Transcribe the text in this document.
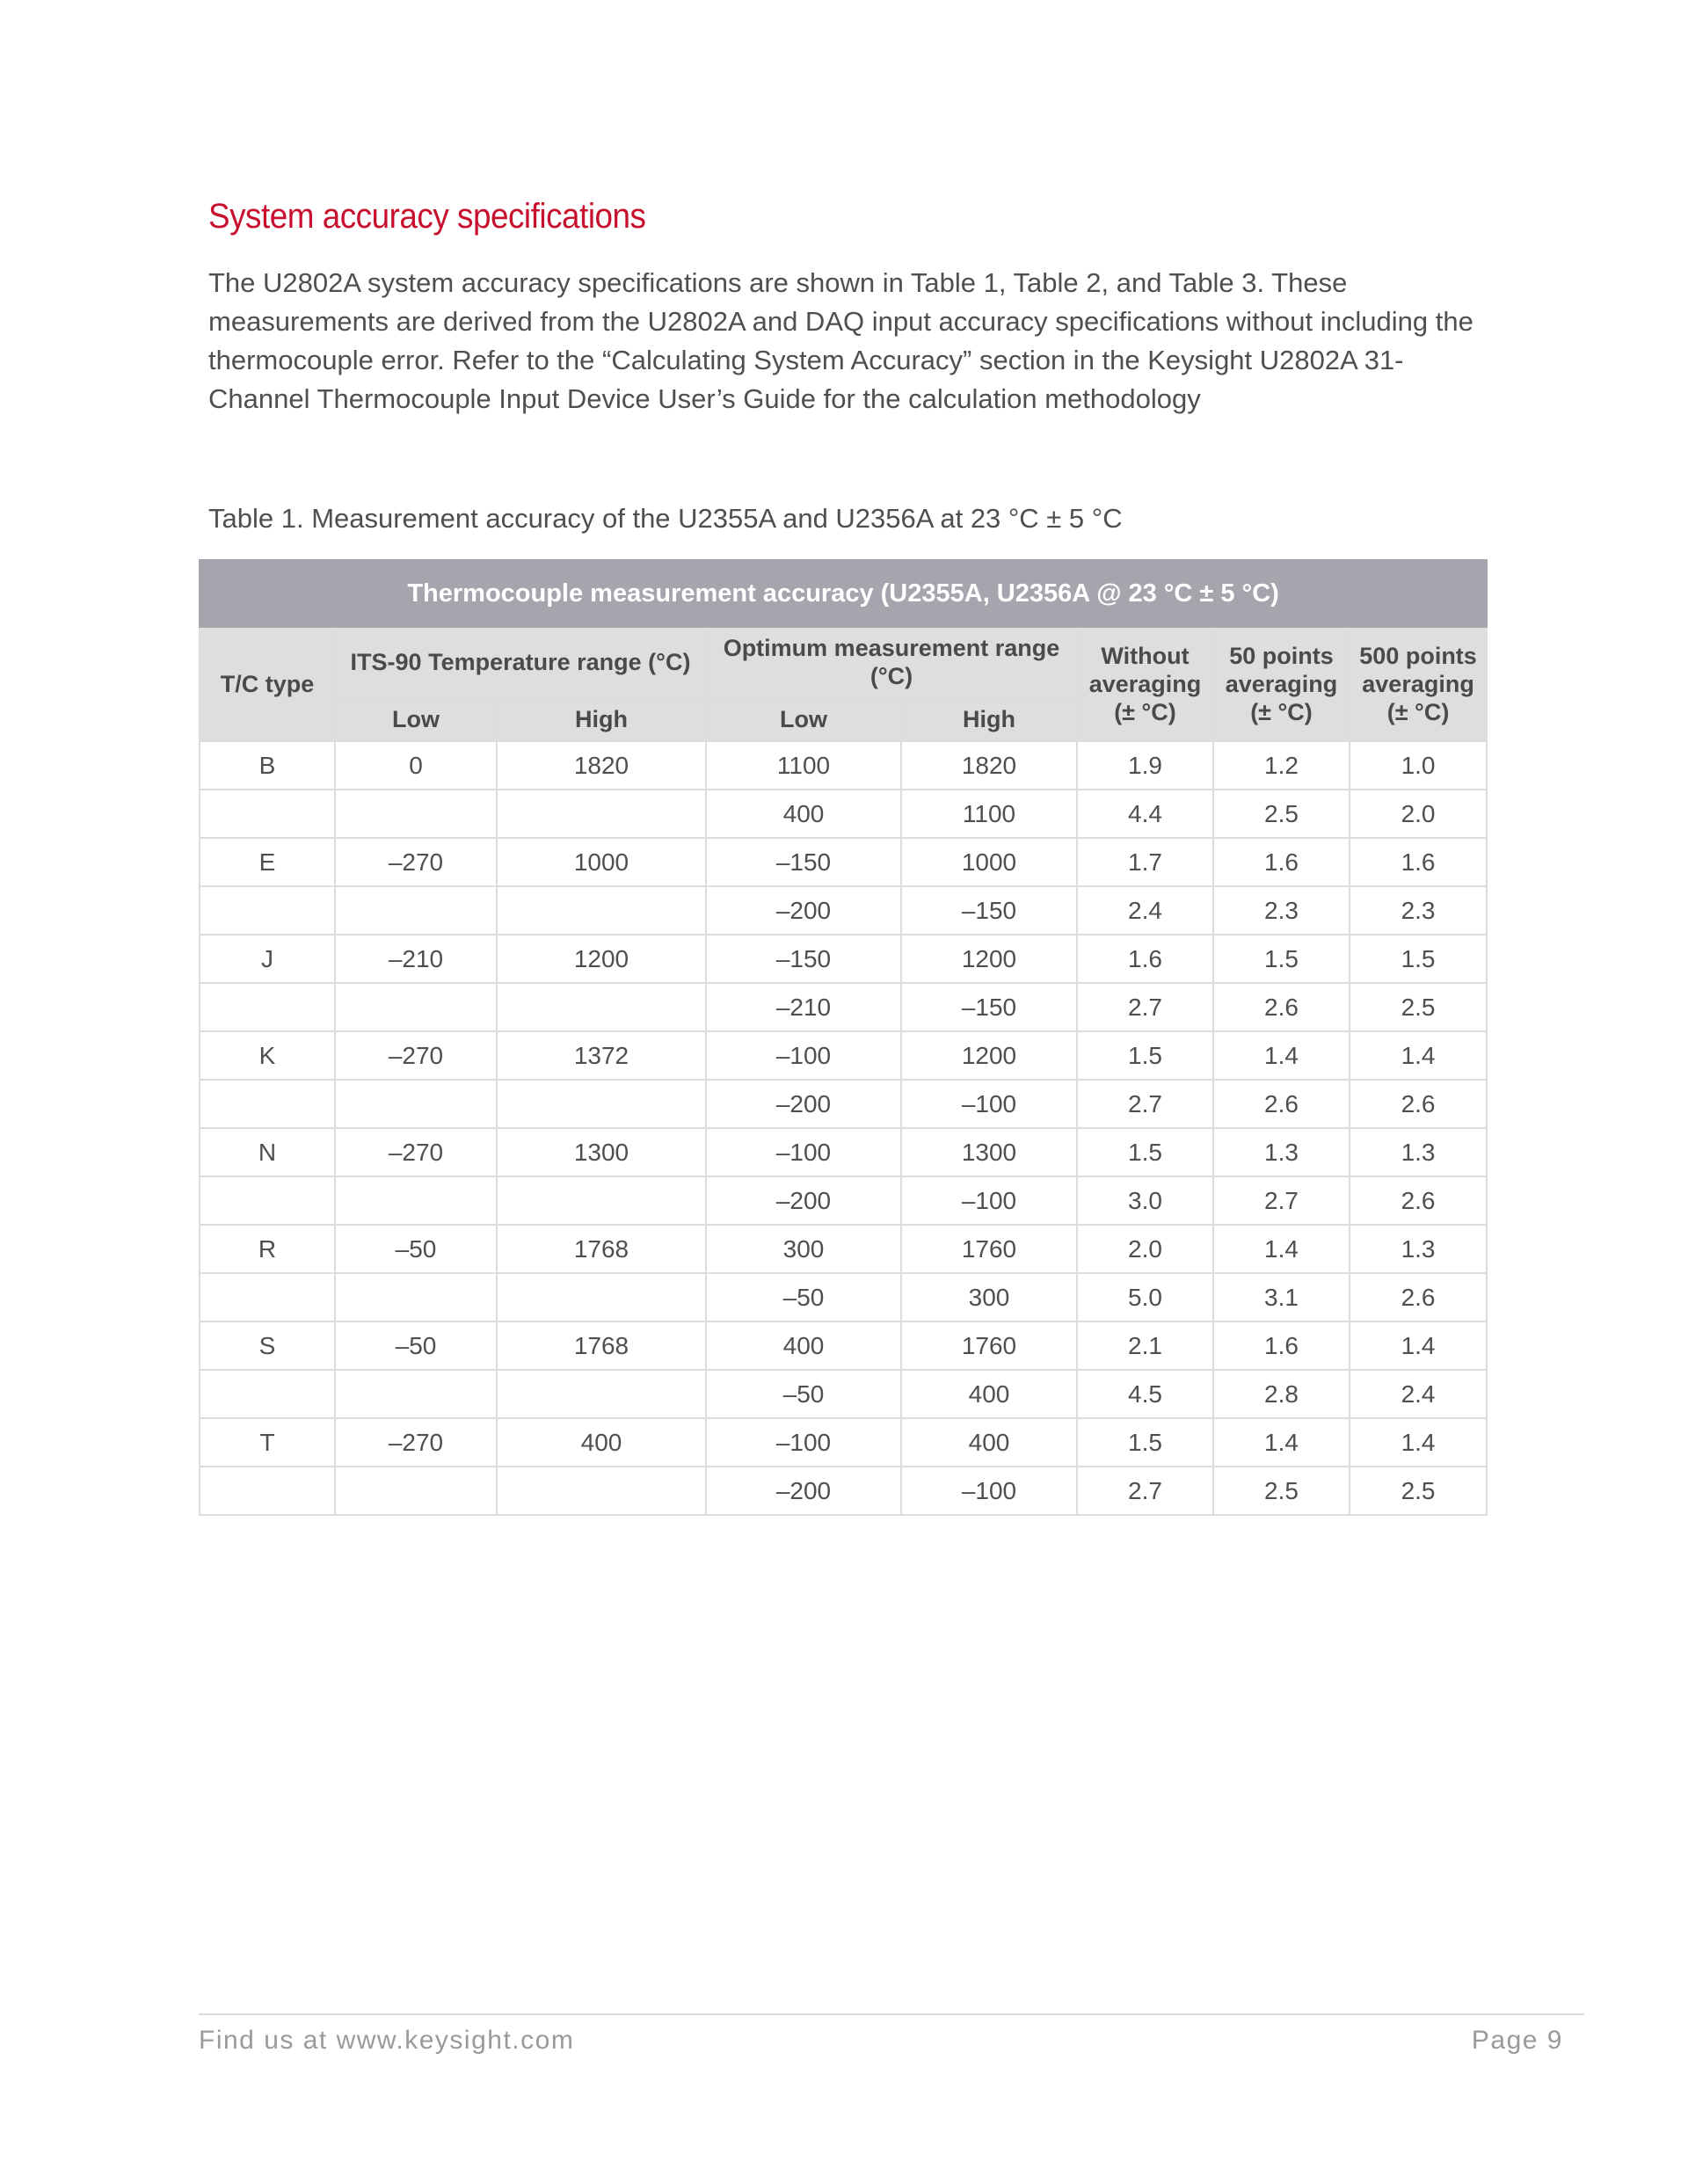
System accuracy specifications

The U2802A system accuracy specifications are shown in Table 1, Table 2, and Table 3. These measurements are derived from the U2802A and DAQ input accuracy specifications without including the thermocouple error. Refer to the “Calculating System Accuracy” section in the Keysight U2802A 31-Channel Thermocouple Input Device User’s Guide for the calculation methodology

Table 1. Measurement accuracy of the U2355A and U2356A at 23 °C ± 5 °C

Thermocouple measurement accuracy (U2355A, U2356A @ 23 °C ± 5 °C)							
T/C type	ITS-90 Temperature range (°C)		Optimum measurement range (°C)		Without averaging (± °C)	50 points averaging (± °C)	500 points averaging (± °C)
	Low	High	Low	High			
B	0	1820	1100	1820	1.9	1.2	1.0
			400	1100	4.4	2.5	2.0
E	–270	1000	–150	1000	1.7	1.6	1.6
			–200	–150	2.4	2.3	2.3
J	–210	1200	–150	1200	1.6	1.5	1.5
			–210	–150	2.7	2.6	2.5
K	–270	1372	–100	1200	1.5	1.4	1.4
			–200	–100	2.7	2.6	2.6
N	–270	1300	–100	1300	1.5	1.3	1.3
			–200	–100	3.0	2.7	2.6
R	–50	1768	300	1760	2.0	1.4	1.3
			–50	300	5.0	3.1	2.6
S	–50	1768	400	1760	2.1	1.6	1.4
			–50	400	4.5	2.8	2.4
T	–270	400	–100	400	1.5	1.4	1.4
			–200	–100	2.7	2.5	2.5
Find us at www.keysight.com	Page 9
